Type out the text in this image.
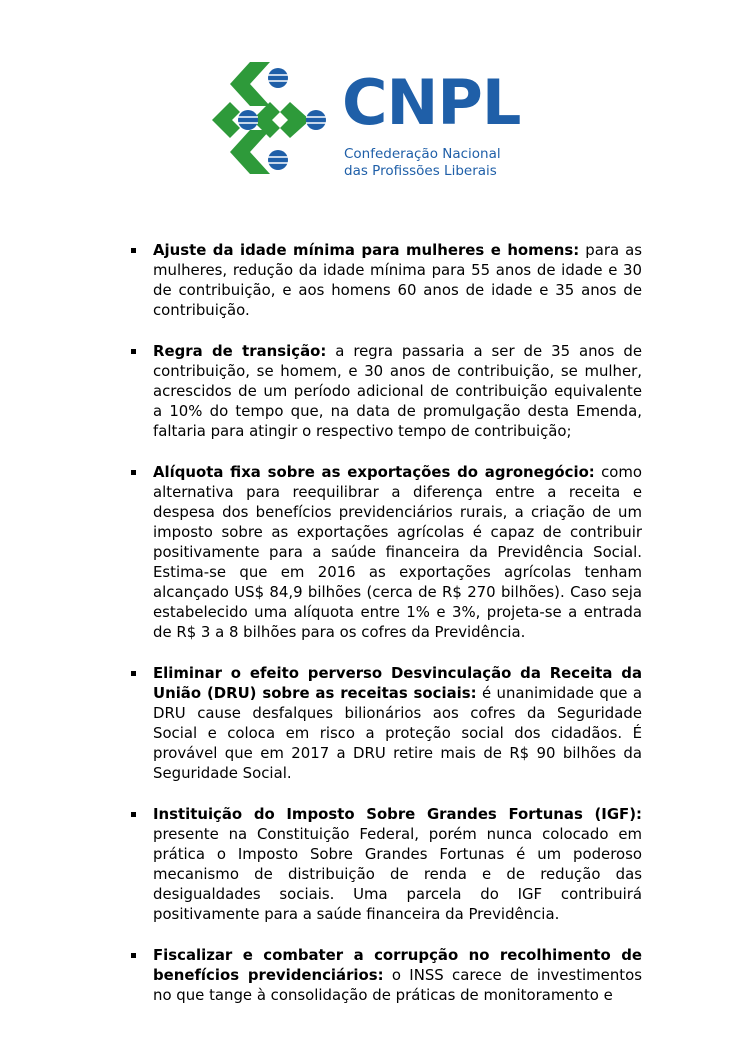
CNPL
Confederação Nacional
das Profissões Liberais

Ajuste da idade mínima para mulheres e homens: para as mulheres, redução da idade mínima para 55 anos de idade e 30 de contribuição, e aos homens 60 anos de idade e 35 anos de contribuição.

Regra de transição: a regra passaria a ser de 35 anos de contribuição, se homem, e 30 anos de contribuição, se mulher, acrescidos de um período adicional de contribuição equivalente a 10% do tempo que, na data de promulgação desta Emenda, faltaria para atingir o respectivo tempo de contribuição;

Alíquota fixa sobre as exportações do agronegócio: como alternativa para reequilibrar a diferença entre a receita e despesa dos benefícios previdenciários rurais, a criação de um imposto sobre as exportações agrícolas é capaz de contribuir positivamente para a saúde financeira da Previdência Social. Estima-se que em 2016 as exportações agrícolas tenham alcançado US$ 84,9 bilhões (cerca de R$ 270 bilhões). Caso seja estabelecido uma alíquota entre 1% e 3%, projeta-se a entrada de R$ 3 a 8 bilhões para os cofres da Previdência.

Eliminar o efeito perverso Desvinculação da Receita da União (DRU) sobre as receitas sociais: é unanimidade que a DRU cause desfalques bilionários aos cofres da Seguridade Social e coloca em risco a proteção social dos cidadãos. É provável que em 2017 a DRU retire mais de R$ 90 bilhões da Seguridade Social.

Instituição do Imposto Sobre Grandes Fortunas (IGF): presente na Constituição Federal, porém nunca colocado em prática o Imposto Sobre Grandes Fortunas é um poderoso mecanismo de distribuição de renda e de redução das desigualdades sociais. Uma parcela do IGF contribuirá positivamente para a saúde financeira da Previdência.

Fiscalizar e combater a corrupção no recolhimento de benefícios previdenciários: o INSS carece de investimentos no que tange à consolidação de práticas de monitoramento e
